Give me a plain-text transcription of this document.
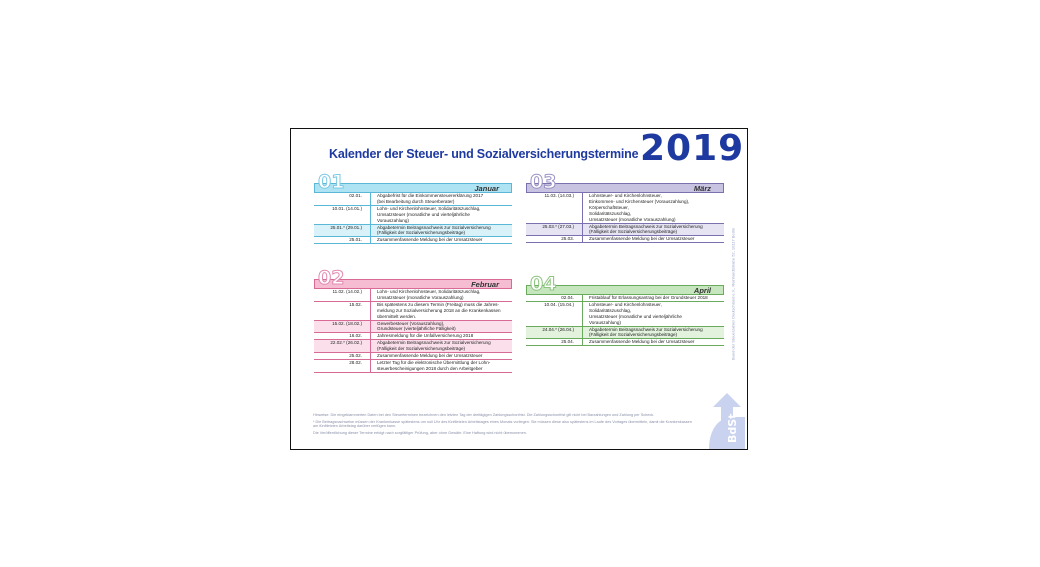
Kalender der Steuer- und Sozialversicherungstermine 2019
01	Januar
02.01.	Abgabefrist für die Einkommensteuererklärung 2017
(bei Bearbeitung durch Steuerberater)
10.01. (14.01.)	Lohn- und Kirchenlohnsteuer, Solidaritätszuschlag,
Umsatzsteuer (monatliche und vierteljährliche
Vorauszahlung)
25.01.* (29.01.)	Abgabetermin Beitragsnachweis zur Sozialversicherung
(Fälligkeit der Sozialversicherungsbeiträge)
25.01.	Zusammenfassende Meldung bei der Umsatzsteuer
02	Februar
11.02. (14.02.)	Lohn- und Kirchenlohnsteuer, Solidaritätszuschlag,
Umsatzsteuer (monatliche Vorauszahlung)
15.02.	Bis spätestens zu diesem Termin (Freitag) muss die Jahres-
meldung zur Sozialversicherung 2018 an die Krankenkassen
übermittelt werden.
15.02. (18.02.)	Gewerbesteuer (Vorauszahlung),
Grundsteuer (vierteljährliche Fälligkeit)
16.02.	Jahresmeldung für die Unfallversicherung 2018
22.02.* (26.02.)	Abgabetermin Beitragsnachweis zur Sozialversicherung
(Fälligkeit der Sozialversicherungsbeiträge)
25.02.	Zusammenfassende Meldung bei der Umsatzsteuer
28.02.	Letzter Tag für die elektronische Übermittlung der Lohn-
steuerbescheinigungen 2018 durch den Arbeitgeber
03	März
11.03. (14.03.)	Lohnsteuer- und Kirchenlohnsteuer,
Einkommen- und Kirchensteuer (Vorauszahlung),
Körperschaftsteuer,
Solidaritätszuschlag,
Umsatzsteuer (monatliche Vorauszahlung)
25.03.* (27.03.)	Abgabetermin Beitragsnachweis zur Sozialversicherung
(Fälligkeit der Sozialversicherungsbeiträge)
25.03.	Zusammenfassende Meldung bei der Umsatzsteuer
04	April
02.04.	Fristablauf für Erlassungsantrag bei der Grundsteuer 2018
10.04. (15.04.)	Lohnsteuer- und Kirchenlohnsteuer,
Solidaritätszuschlag,
Umsatzsteuer (monatliche und vierteljährliche
Vorauszahlung)
24.04.* (26.04.)	Abgabetermin Beitragsnachweis zur Sozialversicherung
(Fälligkeit der Sozialversicherungsbeiträge)
25.04.	Zusammenfassende Meldung bei der Umsatzsteuer

Hinweise: Die eingeklammerten Daten bei den Steuerterminen bezeichnen den letzten Tag der dreitägigen Zahlungsschonfrist. Die Zahlungsschonfrist gilt nicht bei Barzahlungen und Zahlung per Scheck.

* Die Beitragsnachweise müssen der Krankenkasse spätestens um null Uhr des fünftletzten Arbeitstages eines Monats vorliegen. Sie müssen diese also spätestens im Laufe des Vortages übermitteln, damit die Krankenkassen am fünftletzten Arbeitstag darüber verfügen kann.

Die Veröffentlichung dieser Termine erfolgt nach sorgfältiger Prüfung, aber ohne Gewähr. Eine Haftung wird nicht übernommen.

Bund der Steuerzahler Deutschland e.V., Reinhardtstraße 52, 10117 Berlin
BdSt
